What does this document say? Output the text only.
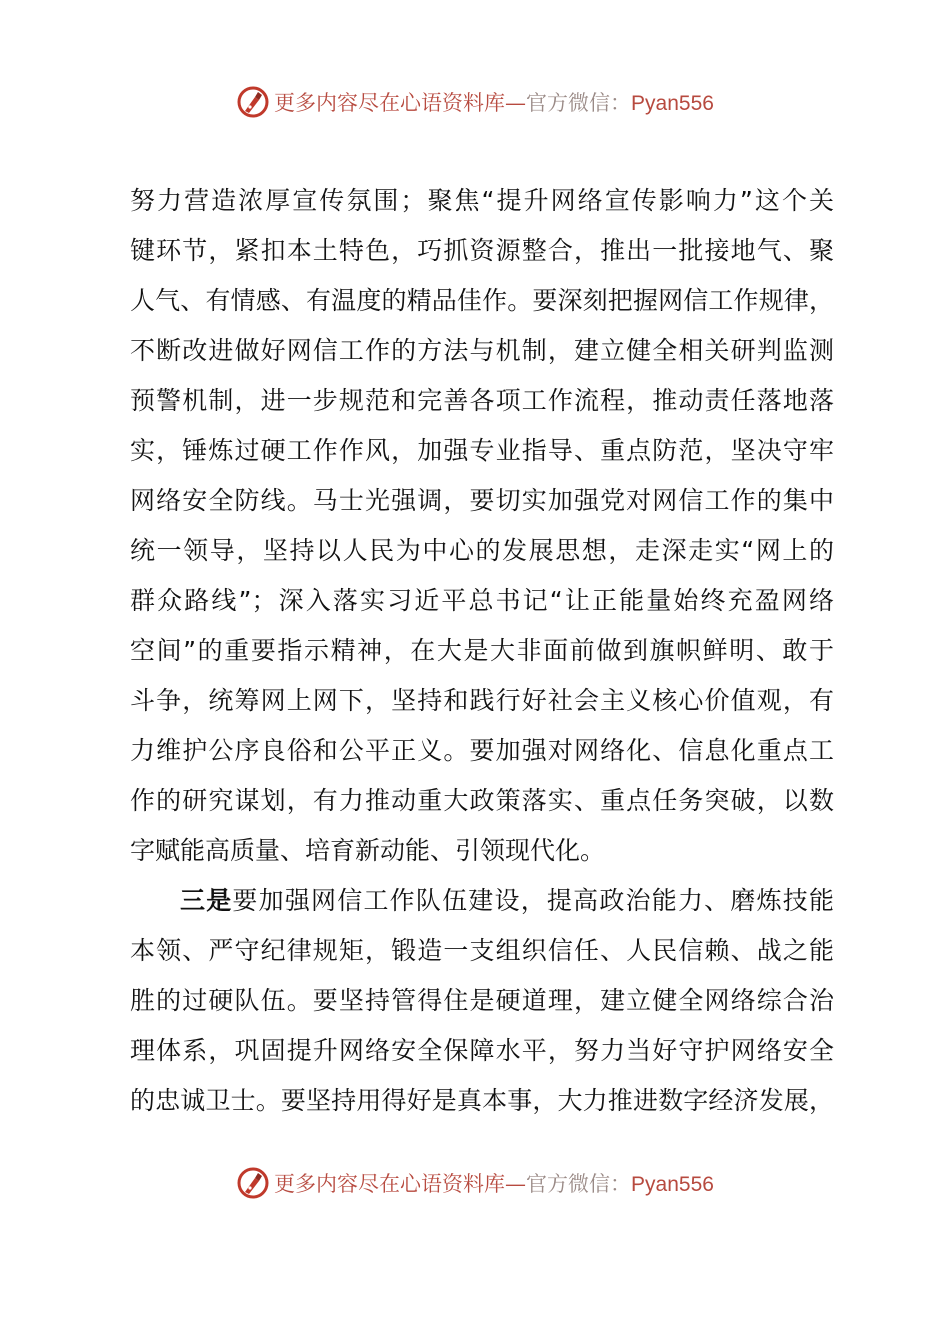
更多内容尽在心语资料库—官方微信：Pyan556
努力营造浓厚宣传氛围；聚焦“提升网络宣传影响力”这个关
键环节，紧扣本土特色，巧抓资源整合，推出一批接地气、聚
人气、有情感、有温度的精品佳作。要深刻把握网信工作规律，
不断改进做好网信工作的方法与机制，建立健全相关研判监测
预警机制，进一步规范和完善各项工作流程，推动责任落地落
实，锤炼过硬工作作风，加强专业指导、重点防范，坚决守牢
网络安全防线。马士光强调，要切实加强党对网信工作的集中
统一领导，坚持以人民为中心的发展思想，走深走实“网上的
群众路线”；深入落实习近平总书记“让正能量始终充盈网络
空间”的重要指示精神，在大是大非面前做到旗帜鲜明、敢于
斗争，统筹网上网下，坚持和践行好社会主义核心价值观，有
力维护公序良俗和公平正义。要加强对网络化、信息化重点工
作的研究谋划，有力推动重大政策落实、重点任务突破，以数
字赋能高质量、培育新动能、引领现代化。
三是要加强网信工作队伍建设，提高政治能力、磨炼技能
本领、严守纪律规矩，锻造一支组织信任、人民信赖、战之能
胜的过硬队伍。要坚持管得住是硬道理，建立健全网络综合治
理体系，巩固提升网络安全保障水平，努力当好守护网络安全
的忠诚卫士。要坚持用得好是真本事，大力推进数字经济发展，
更多内容尽在心语资料库—官方微信：Pyan556
